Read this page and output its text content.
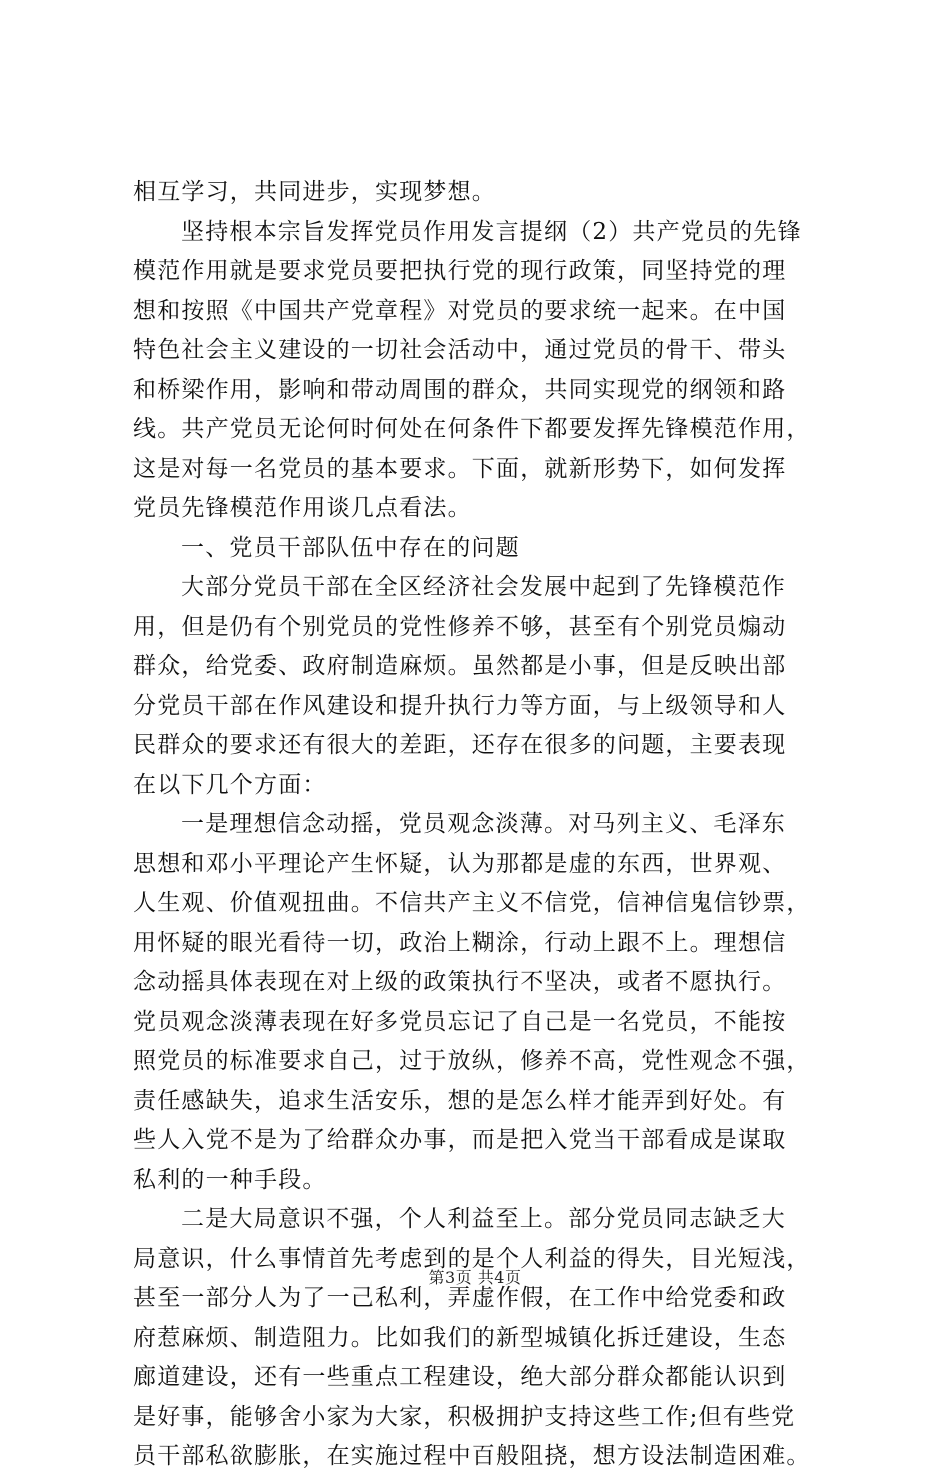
相互学习，共同进步，实现梦想。
坚持根本宗旨发挥党员作用发言提纲（2）共产党员的先锋
模范作用就是要求党员要把执行党的现行政策，同坚持党的理
想和按照《中国共产党章程》对党员的要求统一起来。在中国
特色社会主义建设的一切社会活动中，通过党员的骨干、带头
和桥梁作用，影响和带动周围的群众，共同实现党的纲领和路
线。共产党员无论何时何处在何条件下都要发挥先锋模范作用，
这是对每一名党员的基本要求。下面，就新形势下，如何发挥
党员先锋模范作用谈几点看法。
一、党员干部队伍中存在的问题
大部分党员干部在全区经济社会发展中起到了先锋模范作
用，但是仍有个别党员的党性修养不够，甚至有个别党员煽动
群众，给党委、政府制造麻烦。虽然都是小事，但是反映出部
分党员干部在作风建设和提升执行力等方面，与上级领导和人
民群众的要求还有很大的差距，还存在很多的问题，主要表现
在以下几个方面：
一是理想信念动摇，党员观念淡薄。对马列主义、毛泽东
思想和邓小平理论产生怀疑，认为那都是虚的东西，世界观、
人生观、价值观扭曲。不信共产主义不信党，信神信鬼信钞票，
用怀疑的眼光看待一切，政治上糊涂，行动上跟不上。理想信
念动摇具体表现在对上级的政策执行不坚决，或者不愿执行。
党员观念淡薄表现在好多党员忘记了自己是一名党员，不能按
照党员的标准要求自己，过于放纵，修养不高，党性观念不强，
责任感缺失，追求生活安乐，想的是怎么样才能弄到好处。有
些人入党不是为了给群众办事，而是把入党当干部看成是谋取
私利的一种手段。
二是大局意识不强，个人利益至上。部分党员同志缺乏大
局意识，什么事情首先考虑到的是个人利益的得失，目光短浅，
甚至一部分人为了一己私利，弄虚作假，在工作中给党委和政
府惹麻烦、制造阻力。比如我们的新型城镇化拆迁建设，生态
廊道建设，还有一些重点工程建设，绝大部分群众都能认识到
是好事，能够舍小家为大家，积极拥护支持这些工作;但有些党
员干部私欲膨胀，在实施过程中百般阻挠，想方设法制造困难。
第3页 共4页
